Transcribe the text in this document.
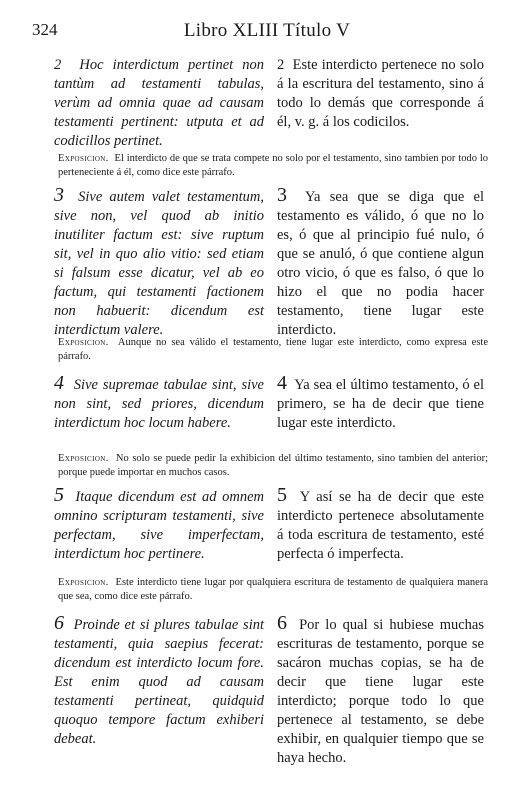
324	Libro XLIII Título V
2 Hoc interdictum pertinet non tantùm ad testamenti tabulas, verùm ad omnia quae ad causam testamenti pertinent: utputa et ad codicillos pertinet.
2 Este interdicto pertenece no solo á la escritura del testamento, sino á todo lo demás que corresponde á él, v. g. á los codicilos.
Exposicion. El interdicto de que se trata compete no solo por el testamento, sino tambien por todo lo perteneciente á él, como dice este párrafo.
3 Sive autem valet testamentum, sive non, vel quod ab initio inutiliter factum est: sive ruptum sit, vel in quo alio vitio: sed etiam si falsum esse dicatur, vel ab eo factum, qui testamenti factionem non habuerit: dicendum est interdictum valere.
3 Ya sea que se diga que el testamento es válido, ó que no lo es, ó que al principio fué nulo, ó que se anuló, ó que contiene algun otro vicio, ó que es falso, ó que lo hizo el que no podia hacer testamento, tiene lugar este interdicto.
Exposicion. Aunque no sea válido el testamento, tiene lugar este interdicto, como expresa este párrafo.
4 Sive supremae tabulae sint, sive non sint, sed priores, dicendum interdictum hoc locum habere.
4 Ya sea el último testamento, ó el primero, se ha de decir que tiene lugar este interdicto.
Exposicion. No solo se puede pedir la exhibicion del último testamento, sino tambien del anterior; porque puede importar en muchos casos.
5 Itaque dicendum est ad omnem omnino scripturam testamenti, sive perfectam, sive imperfectam, interdictum hoc pertinere.
5 Y así se ha de decir que este interdicto pertenece absolutamente á toda escritura de testamento, esté perfecta ó imperfecta.
Exposicion. Este interdicto tiene lugar por qualquiera escritura de testamento de qualquiera manera que sea, como dice este párrafo.
6 Proinde et si plures tabulae sint testamenti, quia saepius fecerat: dicendum est interdicto locum fore. Est enim quod ad causam testamenti pertineat, quidquid quoquo tempore factum exhiberi debeat.
6 Por lo qual si hubiese muchas escrituras de testamento, porque se sacáron muchas copias, se ha de decir que tiene lugar este interdicto; porque todo lo que pertenece al testamento, se debe exhibir, en qualquier tiempo que se haya hecho.
